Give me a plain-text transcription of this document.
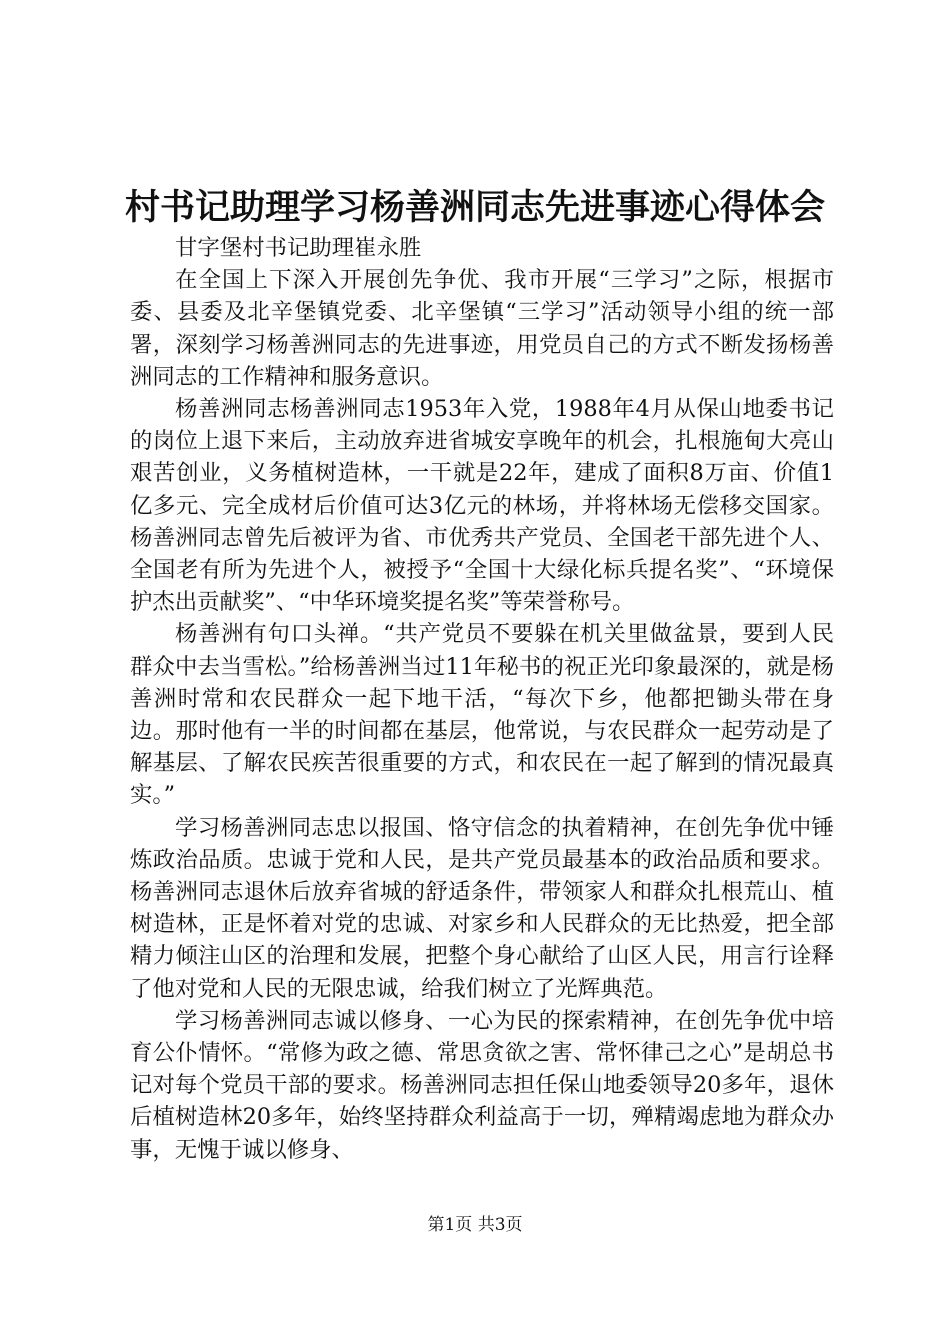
村书记助理学习杨善洲同志先进事迹心得体会

甘字堡村书记助理崔永胜

在全国上下深入开展创先争优、我市开展“三学习”之际，根据市委、县委及北辛堡镇党委、北辛堡镇“三学习”活动领导小组的统一部署，深刻学习杨善洲同志的先进事迹，用党员自己的方式不断发扬杨善洲同志的工作精神和服务意识。

杨善洲同志杨善洲同志1953年入党，1988年4月从保山地委书记的岗位上退下来后，主动放弃进省城安享晚年的机会，扎根施甸大亮山艰苦创业，义务植树造林，一干就是22年，建成了面积8万亩、价值1亿多元、完全成材后价值可达3亿元的林场，并将林场无偿移交国家。杨善洲同志曾先后被评为省、市优秀共产党员、全国老干部先进个人、全国老有所为先进个人，被授予“全国十大绿化标兵提名奖”、“环境保护杰出贡献奖”、“中华环境奖提名奖”等荣誉称号。

杨善洲有句口头禅。“共产党员不要躲在机关里做盆景，要到人民群众中去当雪松。”给杨善洲当过11年秘书的祝正光印象最深的，就是杨善洲时常和农民群众一起下地干活，“每次下乡，他都把锄头带在身边。那时他有一半的时间都在基层，他常说，与农民群众一起劳动是了解基层、了解农民疾苦很重要的方式，和农民在一起了解到的情况最真实。”

学习杨善洲同志忠以报国、恪守信念的执着精神，在创先争优中锤炼政治品质。忠诚于党和人民，是共产党员最基本的政治品质和要求。杨善洲同志退休后放弃省城的舒适条件，带领家人和群众扎根荒山、植树造林，正是怀着对党的忠诚、对家乡和人民群众的无比热爱，把全部精力倾注山区的治理和发展，把整个身心献给了山区人民，用言行诠释了他对党和人民的无限忠诚，给我们树立了光辉典范。

学习杨善洲同志诚以修身、一心为民的探索精神，在创先争优中培育公仆情怀。“常修为政之德、常思贪欲之害、常怀律己之心”是胡总书记对每个党员干部的要求。杨善洲同志担任保山地委领导20多年，退休后植树造林20多年，始终坚持群众利益高于一切，殚精竭虑地为群众办事，无愧于诚以修身、

第1页 共3页
